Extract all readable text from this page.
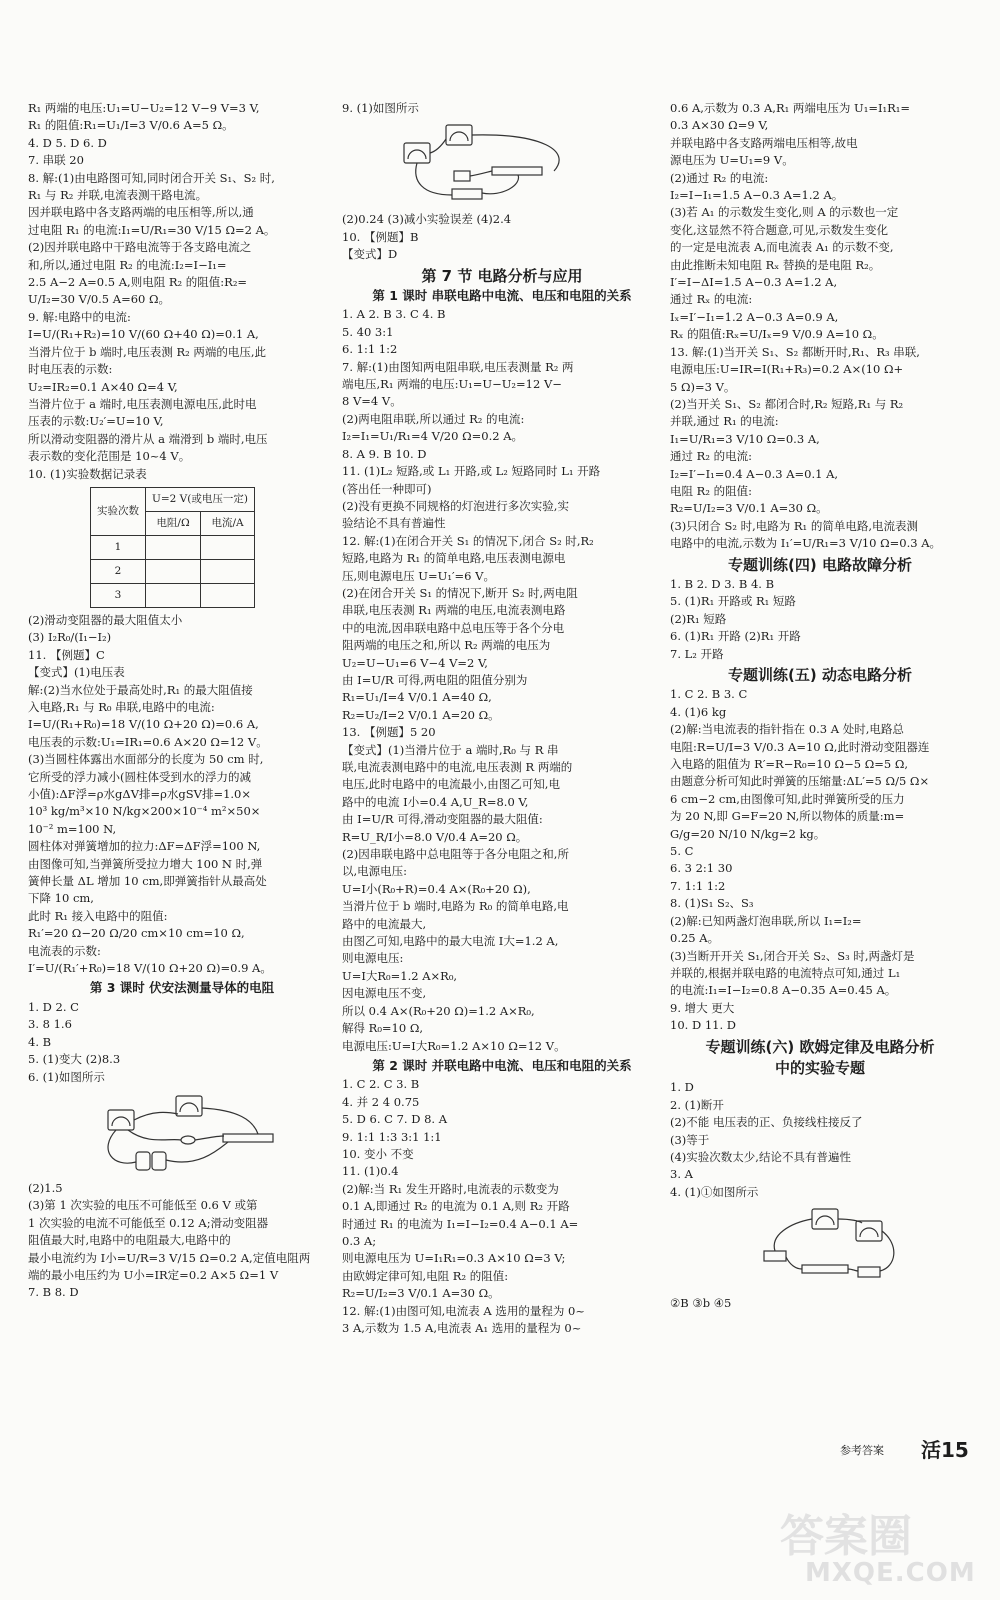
R₁ 两端的电压:U₁=U−U₂=12 V−9 V=3 V,
R₁ 的阻值:R₁=U₁/I=3 V/0.6 A=5 Ω。
4. D 5. D 6. D
7. 串联 20
8. 解:(1)由电路图可知,同时闭合开关 S₁、S₂ 时,
R₁ 与 R₂ 并联,电流表测干路电流。
因并联电路中各支路两端的电压相等,所以,通
过电阻 R₁ 的电流:I₁=U/R₁=30 V/15 Ω=2 A。
(2)因并联电路中干路电流等于各支路电流之
和,所以,通过电阻 R₂ 的电流:I₂=I−I₁=
2.5 A−2 A=0.5 A,则电阻 R₂ 的阻值:R₂=
U/I₂=30 V/0.5 A=60 Ω。
9. 解:电路中的电流:
I=U/(R₁+R₂)=10 V/(60 Ω+40 Ω)=0.1 A,
当滑片位于 b 端时,电压表测 R₂ 两端的电压,此
时电压表的示数:
U₂=IR₂=0.1 A×40 Ω=4 V,
当滑片位于 a 端时,电压表测电源电压,此时电
压表的示数:U₂′=U=10 V,
所以滑动变阻器的滑片从 a 端滑到 b 端时,电压
表示数的变化范围是 10~4 V。
10. (1)实验数据记录表
实验次数	U=2 V(或电压一定)	
	电阻/Ω	电流/A
1		
2		
3		
(2)滑动变阻器的最大阻值太小
(3) I₂R₀/(I₁−I₂)
11. 【例题】C
【变式】(1)电压表
解:(2)当水位处于最高处时,R₁ 的最大阻值接
入电路,R₁ 与 R₀ 串联,电路中的电流:
I=U/(R₁+R₀)=18 V/(10 Ω+20 Ω)=0.6 A,
电压表的示数:U₁=IR₁=0.6 A×20 Ω=12 V。
(3)当圆柱体露出水面部分的长度为 50 cm 时,
它所受的浮力减小(圆柱体受到水的浮力的减
小值):ΔF浮=ρ水gΔV排=ρ水gSV排=1.0×
10³ kg/m³×10 N/kg×200×10⁻⁴ m²×50×
10⁻² m=100 N,
圆柱体对弹簧增加的拉力:ΔF=ΔF浮=100 N,
由图像可知,当弹簧所受拉力增大 100 N 时,弹
簧伸长量 ΔL 增加 10 cm,即弹簧指针从最高处
下降 10 cm,
此时 R₁ 接入电路中的阻值:
R₁′=20 Ω−20 Ω/20 cm×10 cm=10 Ω,
电流表的示数:
I′=U/(R₁′+R₀)=18 V/(10 Ω+20 Ω)=0.9 A。
第 3 课时 伏安法测量导体的电阻
1. D 2. C
3. 8 1.6
4. B
5. (1)变大 (2)8.3
6. (1)如图所示
(2)1.5
(3)第 1 次实验的电压不可能低至 0.6 V 或第
1 次实验的电流不可能低至 0.12 A;滑动变阻器
阻值最大时,电路中的电阻最大,电路中的
最小电流约为 I小=U/R=3 V/15 Ω=0.2 A,定值电阻两
端的最小电压约为 U小=IR定=0.2 A×5 Ω=1 V
7. B 8. D
9. (1)如图所示
(2)0.24 (3)减小实验误差 (4)2.4
10. 【例题】B
【变式】D
第 7 节 电路分析与应用
第 1 课时 串联电路中电流、电压和电阻的关系
1. A 2. B 3. C 4. B
5. 40 3:1
6. 1:1 1:2
7. 解:(1)由图知两电阻串联,电压表测量 R₂ 两
端电压,R₁ 两端的电压:U₁=U−U₂=12 V−
8 V=4 V。
(2)两电阻串联,所以通过 R₂ 的电流:
I₂=I₁=U₁/R₁=4 V/20 Ω=0.2 A。
8. A 9. B 10. D
11. (1)L₂ 短路,或 L₁ 开路,或 L₂ 短路同时 L₁ 开路
(答出任一种即可)
(2)没有更换不同规格的灯泡进行多次实验,实
验结论不具有普遍性
12. 解:(1)在闭合开关 S₁ 的情况下,闭合 S₂ 时,R₂
短路,电路为 R₁ 的简单电路,电压表测电源电
压,则电源电压 U=U₁′=6 V。
(2)在闭合开关 S₁ 的情况下,断开 S₂ 时,两电阻
串联,电压表测 R₁ 两端的电压,电流表测电路
中的电流,因串联电路中总电压等于各个分电
阻两端的电压之和,所以 R₂ 两端的电压为
U₂=U−U₁=6 V−4 V=2 V,
由 I=U/R 可得,两电阻的阻值分别为
R₁=U₁/I=4 V/0.1 A=40 Ω,
R₂=U₂/I=2 V/0.1 A=20 Ω。
13. 【例题】5 20
【变式】(1)当滑片位于 a 端时,R₀ 与 R 串
联,电流表测电路中的电流,电压表测 R 两端的
电压,此时电路中的电流最小,由图乙可知,电
路中的电流 I小=0.4 A,U_R=8.0 V,
由 I=U/R 可得,滑动变阻器的最大阻值:
R=U_R/I小=8.0 V/0.4 A=20 Ω。
(2)因串联电路中总电阻等于各分电阻之和,所
以,电源电压:
U=I小(R₀+R)=0.4 A×(R₀+20 Ω),
当滑片位于 b 端时,电路为 R₀ 的简单电路,电
路中的电流最大,
由图乙可知,电路中的最大电流 I大=1.2 A,
则电源电压:
U=I大R₀=1.2 A×R₀,
因电源电压不变,
所以 0.4 A×(R₀+20 Ω)=1.2 A×R₀,
解得 R₀=10 Ω,
电源电压:U=I大R₀=1.2 A×10 Ω=12 V。
第 2 课时 并联电路中电流、电压和电阻的关系
1. C 2. C 3. B
4. 并 2 4 0.75
5. D 6. C 7. D 8. A
9. 1:1 1:3 3:1 1:1
10. 变小 不变
11. (1)0.4
(2)解:当 R₁ 发生开路时,电流表的示数变为
0.1 A,即通过 R₂ 的电流为 0.1 A,则 R₂ 开路
时通过 R₁ 的电流为 I₁=I−I₂=0.4 A−0.1 A=
0.3 A;
则电源电压为 U=I₁R₁=0.3 A×10 Ω=3 V;
由欧姆定律可知,电阻 R₂ 的阻值:
R₂=U/I₂=3 V/0.1 A=30 Ω。
12. 解:(1)由图可知,电流表 A 选用的量程为 0~
3 A,示数为 1.5 A,电流表 A₁ 选用的量程为 0~
0.6 A,示数为 0.3 A,R₁ 两端电压为 U₁=I₁R₁=
0.3 A×30 Ω=9 V,
并联电路中各支路两端电压相等,故电
源电压为 U=U₁=9 V。
(2)通过 R₂ 的电流:
I₂=I−I₁=1.5 A−0.3 A=1.2 A。
(3)若 A₁ 的示数发生变化,则 A 的示数也一定
变化,这显然不符合题意,可见,示数发生变化
的一定是电流表 A,而电流表 A₁ 的示数不变,
由此推断未知电阻 Rₓ 替换的是电阻 R₂。
I′=I−ΔI=1.5 A−0.3 A=1.2 A,
通过 Rₓ 的电流:
Iₓ=I′−I₁=1.2 A−0.3 A=0.9 A,
Rₓ 的阻值:Rₓ=U/Iₓ=9 V/0.9 A=10 Ω。
13. 解:(1)当开关 S₁、S₂ 都断开时,R₁、R₃ 串联,
电源电压:U=IR=I(R₁+R₃)=0.2 A×(10 Ω+
5 Ω)=3 V。
(2)当开关 S₁、S₂ 都闭合时,R₂ 短路,R₁ 与 R₂
并联,通过 R₁ 的电流:
I₁=U/R₁=3 V/10 Ω=0.3 A,
通过 R₂ 的电流:
I₂=I′−I₁=0.4 A−0.3 A=0.1 A,
电阻 R₂ 的阻值:
R₂=U/I₂=3 V/0.1 A=30 Ω。
(3)只闭合 S₂ 时,电路为 R₁ 的简单电路,电流表测
电路中的电流,示数为 I₁′=U/R₁=3 V/10 Ω=0.3 A。
专题训练(四) 电路故障分析
1. B 2. D 3. B 4. B
5. (1)R₁ 开路或 R₁ 短路
(2)R₁ 短路
6. (1)R₁ 开路 (2)R₁ 开路
7. L₂ 开路
专题训练(五) 动态电路分析
1. C 2. B 3. C
4. (1)6 kg
(2)解:当电流表的指针指在 0.3 A 处时,电路总
电阻:R=U/I=3 V/0.3 A=10 Ω,此时滑动变阻器连
入电路的阻值为 R′=R−R₀=10 Ω−5 Ω=5 Ω,
由题意分析可知此时弹簧的压缩量:ΔL′=5 Ω/5 Ω×
6 cm−2 cm,由图像可知,此时弹簧所受的压力
为 20 N,即 G=F=20 N,所以物体的质量:m=
G/g=20 N/10 N/kg=2 kg。
5. C
6. 3 2:1 30
7. 1:1 1:2
8. (1)S₁ S₂、S₃
(2)解:已知两盏灯泡串联,所以 I₁=I₂=
0.25 A。
(3)当断开开关 S₁,闭合开关 S₂、S₃ 时,两盏灯是
并联的,根据并联电路的电流特点可知,通过 L₁
的电流:I₁=I−I₂=0.8 A−0.35 A=0.45 A。
9. 增大 更大
10. D 11. D
专题训练(六) 欧姆定律及电路分析
中的实验专题
1. D
2. (1)断开
(2)不能 电压表的正、负接线柱接反了
(3)等于
(4)实验次数太少,结论不具有普遍性
3. A
4. (1)①如图所示
②B ③b ④5
参考答案 活15
答案圈
MXQE.COM
